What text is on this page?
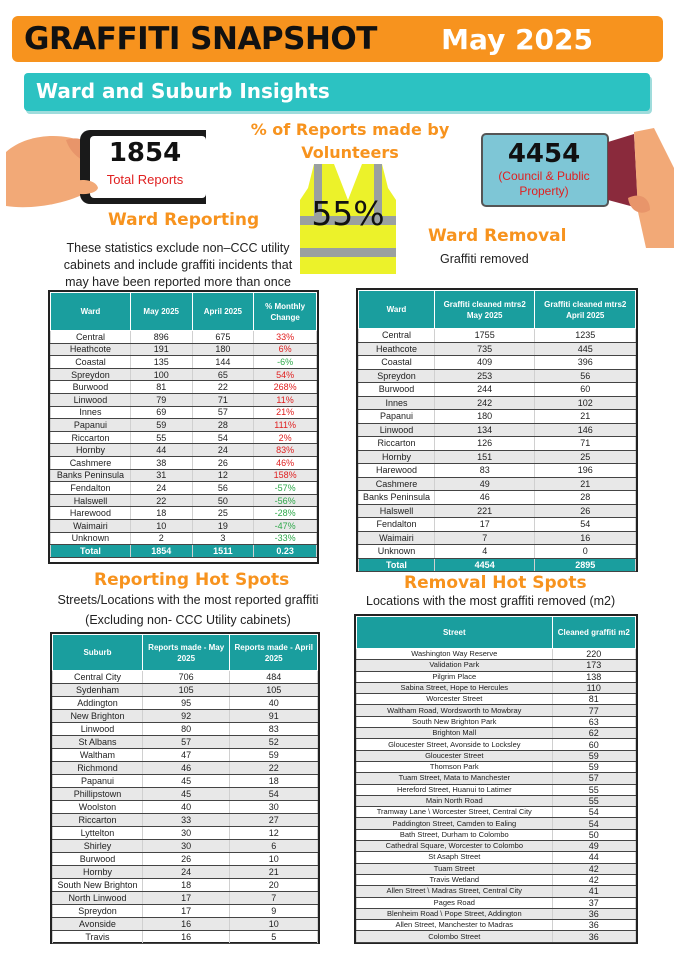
GRAFFITI SNAPSHOT May 2025
Ward and Suburb Insights
1854
Total Reports
% of Reports made by Volunteers
55%
4454
(Council & Public Property)
Ward Reporting
These statistics exclude non–CCC utility cabinets and include graffiti incidents that may have been reported more than once
Ward Removal
Graffiti removed
Ward	May 2025	April 2025	% Monthly Change
Central	896	675	33%
Heathcote	191	180	6%
Coastal	135	144	-6%
Spreydon	100	65	54%
Burwood	81	22	268%
Linwood	79	71	11%
Innes	69	57	21%
Papanui	59	28	111%
Riccarton	55	54	2%
Hornby	44	24	83%
Cashmere	38	26	46%
Banks Peninsula	31	12	158%
Fendalton	24	56	-57%
Halswell	22	50	-56%
Harewood	18	25	-28%
Waimairi	10	19	-47%
Unknown	2	3	-33%
Total	1854	1511	0.23
Ward	Graffiti cleaned mtrs2 May 2025	Graffiti cleaned mtrs2 April 2025
Central	1755	1235
Heathcote	735	445
Coastal	409	396
Spreydon	253	56
Burwood	244	60
Innes	242	102
Papanui	180	21
Linwood	134	146
Riccarton	126	71
Hornby	151	25
Harewood	83	196
Cashmere	49	21
Banks Peninsula	46	28
Halswell	221	26
Fendalton	17	54
Waimairi	7	16
Unknown	4	0
Total	4454	2895
Reporting Hot Spots
Streets/Locations with the most reported graffiti
(Excluding non- CCC Utility cabinets)
Suburb	Reports made - May 2025	Reports made - April 2025
Central City	706	484
Sydenham	105	105
Addington	95	40
New Brighton	92	91
Linwood	80	83
St Albans	57	52
Waltham	47	59
Richmond	46	22
Papanui	45	18
Phillipstown	45	54
Woolston	40	30
Riccarton	33	27
Lyttelton	30	12
Shirley	30	6
Burwood	26	10
Hornby	24	21
South New Brighton	18	20
North Linwood	17	7
Spreydon	17	9
Avonside	16	10
Travis	16	5
Removal Hot Spots
Locations with the most graffiti removed (m2)
Street	Cleaned graffiti m2
Washington Way Reserve	220
Validation Park	173
Pilgrim Place	138
Sabina Street, Hope to Hercules	110
Worcester Street	81
Waltham Road, Wordsworth to Mowbray	77
South New Brighton Park	63
Brighton Mall	62
Gloucester Street, Avonside to Locksley	60
Gloucester Street	59
Thomson Park	59
Tuam Street, Mata to Manchester	57
Hereford Street, Huanui to Latimer	55
Main North Road	55
Tramway Lane \ Worcester Street, Central City	54
Paddington Street, Camden to Ealing	54
Bath Street, Durham to Colombo	50
Cathedral Square, Worcester to Colombo	49
St Asaph Street	44
Tuam Street	42
Travis Wetland	42
Allen Street \ Madras Street, Central City	41
Pages Road	37
Blenheim Road \ Pope Street, Addington	36
Allen Street, Manchester to Madras	36
Colombo Street	36
